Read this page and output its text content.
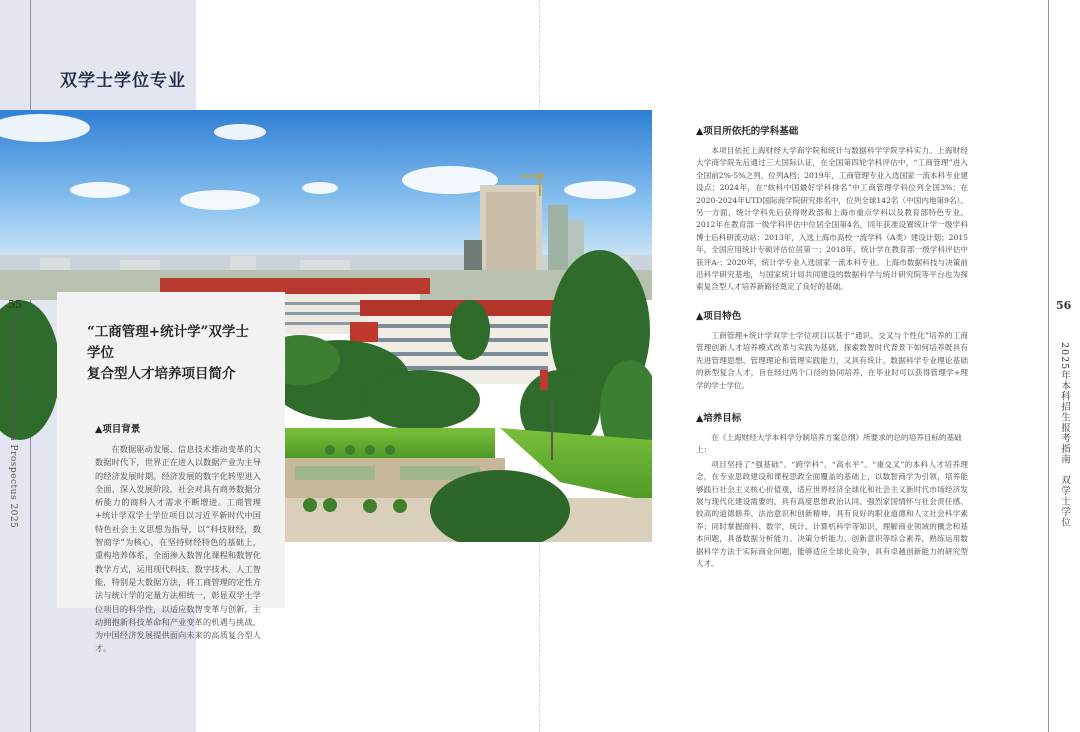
双学士学位专业
55	56
Undergraduate Program Prospectus 2025	2025年本科招生报考指南　双学士学位
“工商管理+统计学”双学士学位
复合型人才培养项目简介
▲项目背景

在数据驱动发展、信息技术推动变革的大数据时代下，世界正在进入以数据产业为主导的经济发展时期。经济发展的数字化转型进入全面、深入发展阶段，社会对具有商务数据分析能力的商科人才需求不断增进。工商管理+统计学双学士学位项目以习近平新时代中国特色社会主义思想为指导，以“科技财经，数智商学”为核心，在坚持财经特色的基础上，重构培养体系，全面渗入数智化课程和数智化教学方式，运用现代科技、数字技术、人工智能，特别是大数据方法，将工商管理的定性方法与统计学的定量方法相统一，彰显双学士学位项目的科学性，以适应数智变革与创新，主动拥抱新科技革命和产业变革的机遇与挑战，为中国经济发展提供面向未来的高质复合型人才。

▲项目所依托的学科基础

本项目依托上海财经大学商学院和统计与数据科学学院学科实力。上海财经大学商学院先后通过三大国际认证，在全国第四轮学科评估中，“工商管理”进入全国前2%-5%之列，位列A档；2019年，工商管理专业入选国家一流本科专业建设点；2024年，在“软科中国最好学科排名”中工商管理学科位列全国3%；在2020-2024年UTD国际商学院研究排名中，位列全球142名（中国内地第9名）。另一方面，统计学科先后获得财政部和上海市重点学科以及教育部特色专业。2012年在教育部一级学科评估中位居全国第4名，同年获准设置统计学一级学科博士后科研流动站；2013年，入选上海市高校一流学科（A类）建设计划；2015年，全国应用统计专硕评估位居第一；2018年，统计学在教育部一级学科评估中获评A-；2020年，统计学专业入选国家一流本科专业。上海市数据科技与决策前沿科学研究基地，与国家统计局共同建设的数据科学与统计研究院等平台也为探索复合型人才培养新路径奠定了良好的基础。

▲项目特色

工商管理+统计学双学士学位项目以基于“通识、交叉与个性化”培养的工商管理创新人才培养模式改革与实践为基础，探索数智时代背景下如何培养既具有先进管理思想、管理理论和管理实践能力，又具有统计、数据科学专业理论基础的新型复合人才，旨在经过两个口径的协同培养，在毕业时可以获得管理学+理学的学士学位。

▲培养目标

在《上海财经大学本科学分制培养方案总纲》所要求的总的培养目标的基础上：

项目坚持了“强基础”、“跨学科”、“高水平”、“重交叉”的本科人才培养理念，在专业思政建设和课程思政全面覆盖的基础上，以数智商学为引领，培养能够践行社会主义核心价值观，适应世界经济全球化和社会主义新时代市场经济发展与现代化建设需要的，具有高度思想政治认同、强烈家国情怀与社会责任感、较高的道德修养、法治意识和创新精神，具有良好的职业道德和人文社会科学素养；同时掌握商科、数学、统计、计算机科学等知识，理解商业领域的概念和基本问题，具备数据分析能力、决策分析能力、创新意识等综合素养，熟练运用数据科学方法于实际商业问题，能够适应全球化竞争，具有卓越创新能力的研究型人才。
